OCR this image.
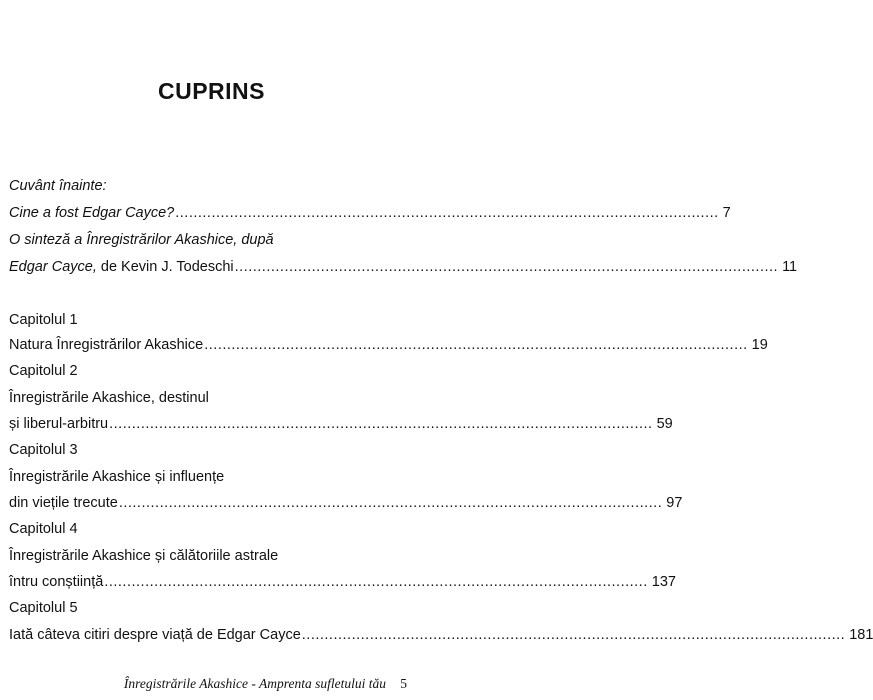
CUPRINS
Cuvânt înainte:
Cine a fost Edgar Cayce? ........................................................................................................................ 7
O sinteză a Înregistrărilor Akashice, după
Edgar Cayce, de Kevin J. Todeschi ........................................................................................................................ 11
Capitolul 1
Natura Înregistrărilor Akashice ........................................................................................................................ 19
Capitolul 2
Înregistrările Akashice, destinul
și liberul-arbitru ........................................................................................................................ 59
Capitolul 3
Înregistrările Akashice și influențe
din viețile trecute ........................................................................................................................ 97
Capitolul 4
Înregistrările Akashice și călătoriile astrale
întru conștiință ........................................................................................................................ 137
Capitolul 5
Iată câteva citiri despre viață de Edgar Cayce ........................................................................................................................ 181
Înregistrările Akashice - Amprenta sufletului tău 5
